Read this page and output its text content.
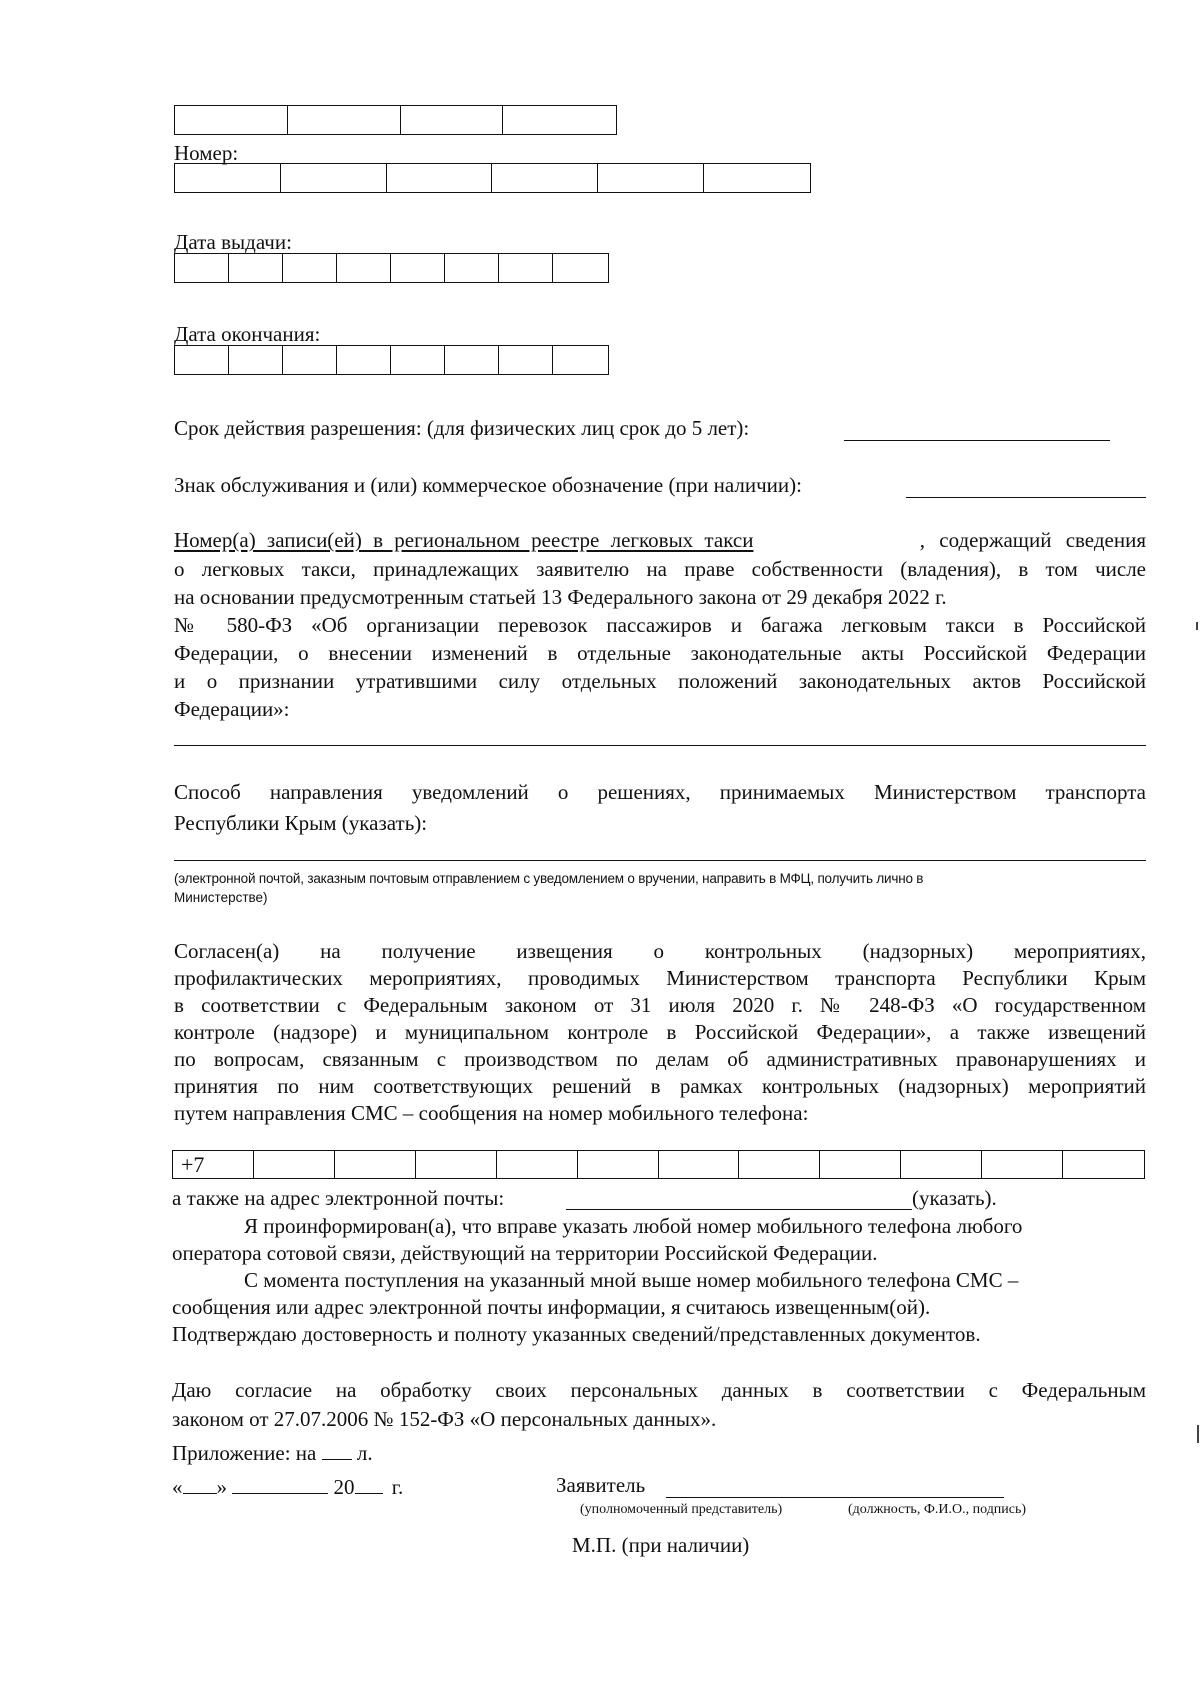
Номер:
Дата выдачи:
Дата окончания:
Срок действия разрешения: (для физических лиц срок до 5 лет):
Знак обслуживания и (или) коммерческое обозначение (при наличии):
Номер(а) записи(ей) в региональном реестре легковых такси	, содержащий сведения
о легковых такси, принадлежащих заявителю на праве собственности (владения), в том числе
на основании предусмотренным статьей 13 Федерального закона от 29 декабря 2022 г.
№ 580-ФЗ «Об организации перевозок пассажиров и багажа легковым такси в Российской
Федерации, о внесении изменений в отдельные законодательные акты Российской Федерации
и о признании утратившими силу отдельных положений законодательных актов Российской
Федерации»:
Способ направления уведомлений о решениях, принимаемых Министерством транспорта
Республики Крым (указать):
(электронной почтой, заказным почтовым отправлением с уведомлением о вручении, направить в МФЦ, получить лично в
Министерстве)
Согласен(а) на получение извещения о контрольных (надзорных) мероприятиях,
профилактических мероприятиях, проводимых Министерством транспорта Республики Крым
в соответствии с Федеральным законом от 31 июля 2020 г. № 248-ФЗ «О государственном
контроле (надзоре) и муниципальном контроле в Российской Федерации», а также извещений
по вопросам, связанным с производством по делам об административных правонарушениях и
принятия по ним соответствующих решений в рамках контрольных (надзорных) мероприятий
путем направления СМС – сообщения на номер мобильного телефона:
+7
а также на адрес электронной почты:	(указать).
Я проинформирован(а), что вправе указать любой номер мобильного телефона любого
оператора сотовой связи, действующий на территории Российской Федерации.
С момента поступления на указанный мной выше номер мобильного телефона СМС –
сообщения или адрес электронной почты информации, я считаюсь извещенным(ой).
Подтверждаю достоверность и полноту указанных сведений/представленных документов.
Даю согласие на обработку своих персональных данных в соответствии с Федеральным
законом от 27.07.2006 № 152-ФЗ «О персональных данных».
Приложение: на л.
« »	20 г.	Заявитель
(уполномоченный представитель)	(должность, Ф.И.О., подпись)
М.П. (при наличии)
